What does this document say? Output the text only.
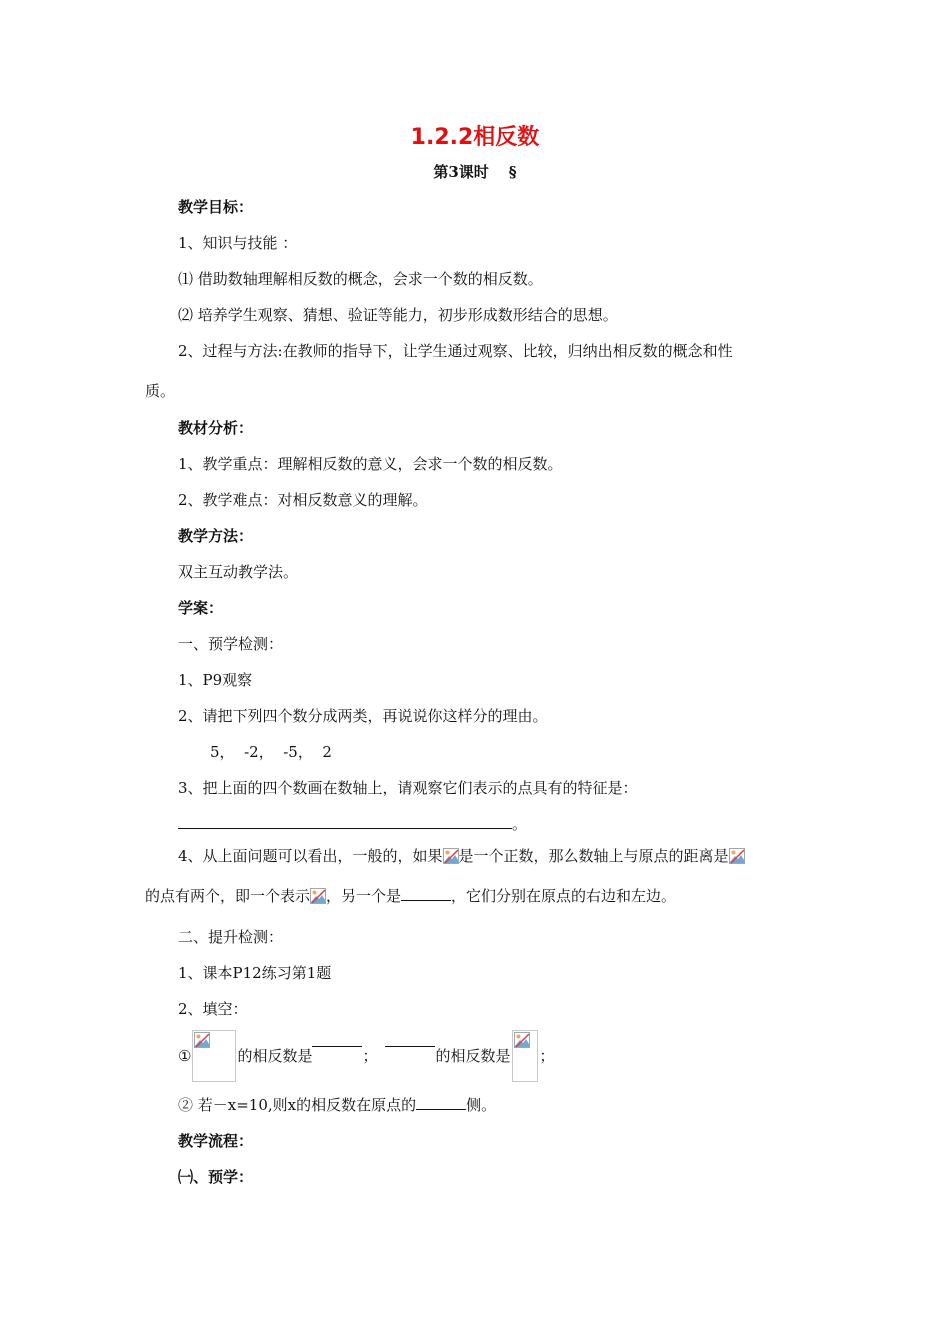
1.2.2相反数
第3课时 §
教学目标：
1、知识与技能 ：
⑴ 借助数轴理解相反数的概念，会求一个数的相反数。
⑵ 培养学生观察、猜想、验证等能力，初步形成数形结合的思想。
2、过程与方法:在教师的指导下，让学生通过观察、比较，归纳出相反数的概念和性
质。
教材分析：
1、教学重点：理解相反数的意义，会求一个数的相反数。
2、教学难点：对相反数意义的理解。
教学方法：
双主互动教学法。
学案：
一、预学检测：
1、P9观察
2、请把下列四个数分成两类，再说说你这样分的理由。
5，  -2，  -5，  2
3、把上面的四个数画在数轴上，请观察它们表示的点具有的特征是：
。
4、从上面问题可以看出，一般的，如果 是一个正数，那么数轴上与原点的距离是
的点有两个，即一个表示 ，另一个是	，它们分别在原点的右边和左边。
二、提升检测：
1、课本P12练习第1题
2、填空：
①	的相反数是	；	的相反数是 ；
② 若－x=10,则x的相反数在原点的	侧。
教学流程：
㈠、预学：
